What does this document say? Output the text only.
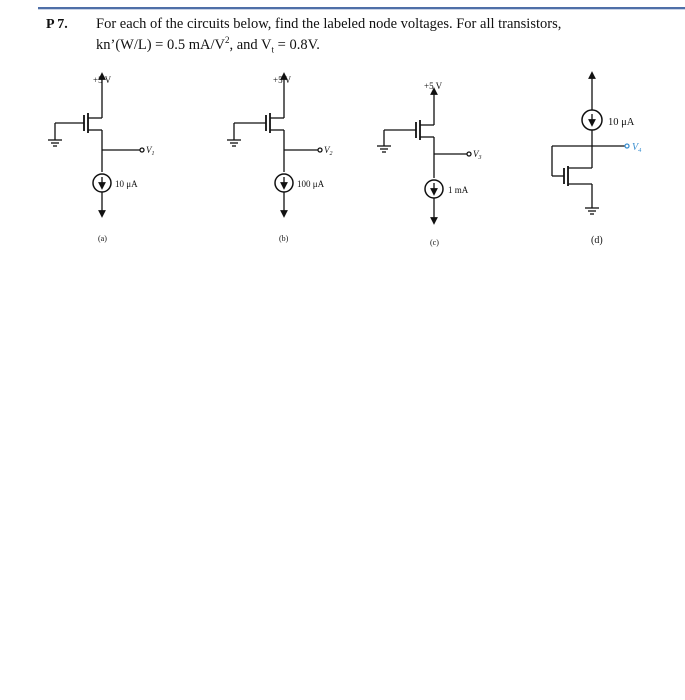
P 7. For each of the circuits below, find the labeled node voltages. For all transistors,
kn’(W/L) = 0.5 $mA/V^2$, and $V_t = 0.8V$.
+5 V
$V_1$
10 μA
(a)
+5 V
$V_2$
100 μA
(b)
+5 V
$V_3$
1 mA
(c)
10 μA
$V_4$
(d)
